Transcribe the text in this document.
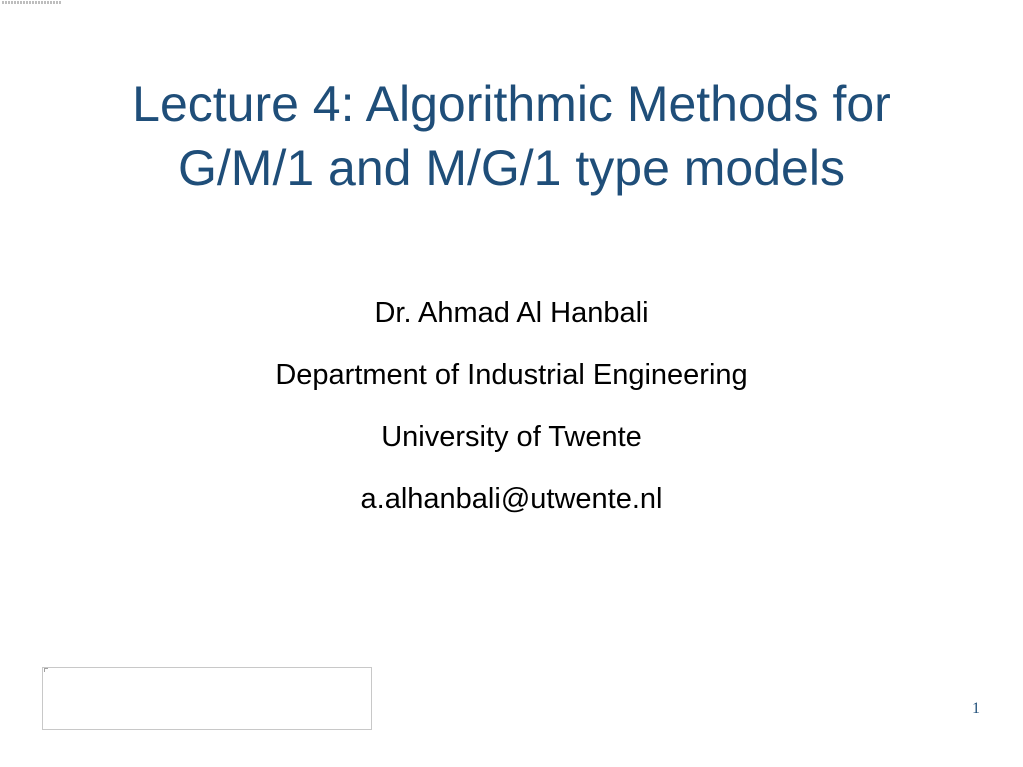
Lecture 4: Algorithmic Methods for
G/M/1 and M/G/1 type models
Dr. Ahmad Al Hanbali
Department of Industrial Engineering
University of Twente
a.alhanbali@utwente.nl
1
